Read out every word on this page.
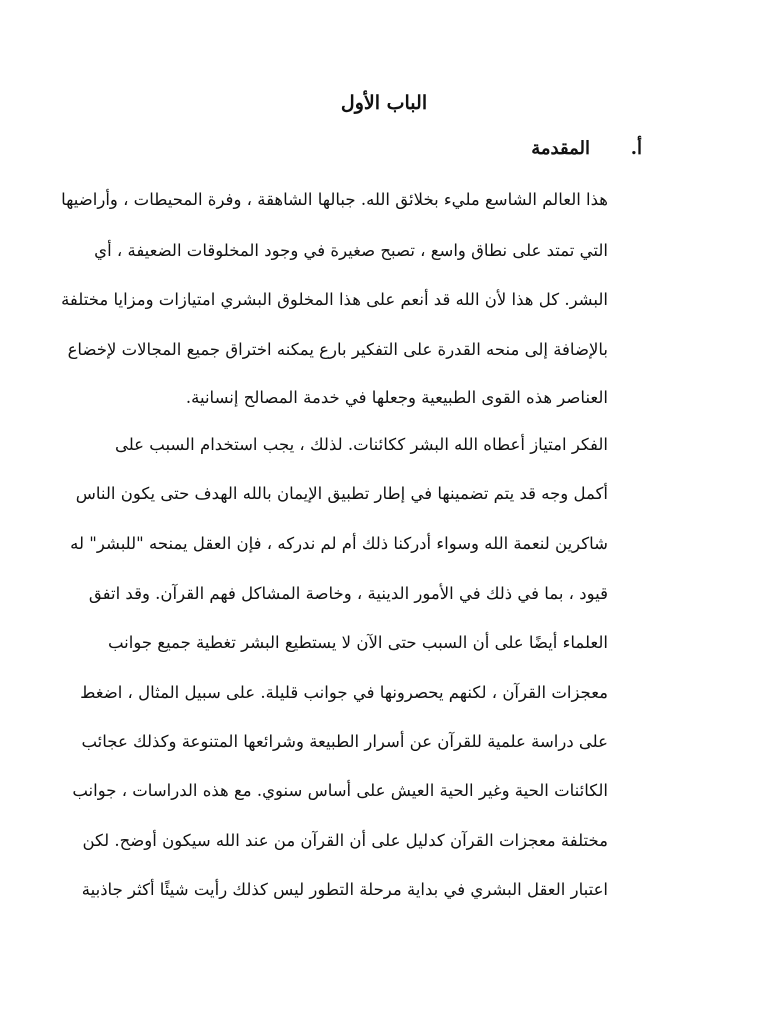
الباب الأول
أ.المقدمة

هذا العالم الشاسع مليء بخلائق الله. جبالها الشاهقة ، وفرة المحيطات ، وأراضيها

التي تمتد على نطاق واسع ، تصبح صغيرة في وجود المخلوقات الضعيفة ، أي

البشر. كل هذا لأن الله قد أنعم على هذا المخلوق البشري امتيازات ومزايا مختلفة

بالإضافة إلى منحه القدرة على التفكير بارع يمكنه اختراق جميع المجالات لإخضاع

العناصر هذه القوى الطبيعية وجعلها في خدمة المصالح إنسانية.

الفكر امتياز أعطاه الله البشر ككائنات. لذلك ، يجب استخدام السبب على

أكمل وجه قد يتم تضمينها في إطار تطبيق الإيمان بالله الهدف حتى يكون الناس

شاكرين لنعمة الله وسواء أدركنا ذلك أم لم ندركه ، فإن العقل يمنحه "للبشر" له

قيود ، بما في ذلك في الأمور الدينية ، وخاصة المشاكل فهم القرآن. وقد اتفق

العلماء أيضًا على أن السبب حتى الآن لا يستطيع البشر تغطية جميع جوانب

معجزات القرآن ، لكنهم يحصرونها في جوانب قليلة. على سبيل المثال ، اضغط

على دراسة علمية للقرآن عن أسرار الطبيعة وشرائعها المتنوعة وكذلك عجائب

الكائنات الحية وغير الحية العيش على أساس سنوي. مع هذه الدراسات ، جوانب

مختلفة معجزات القرآن كدليل على أن القرآن من عند الله سيكون أوضح. لكن

اعتبار العقل البشري في بداية مرحلة التطور ليس كذلك رأيت شيئًا أكثر جاذبية
